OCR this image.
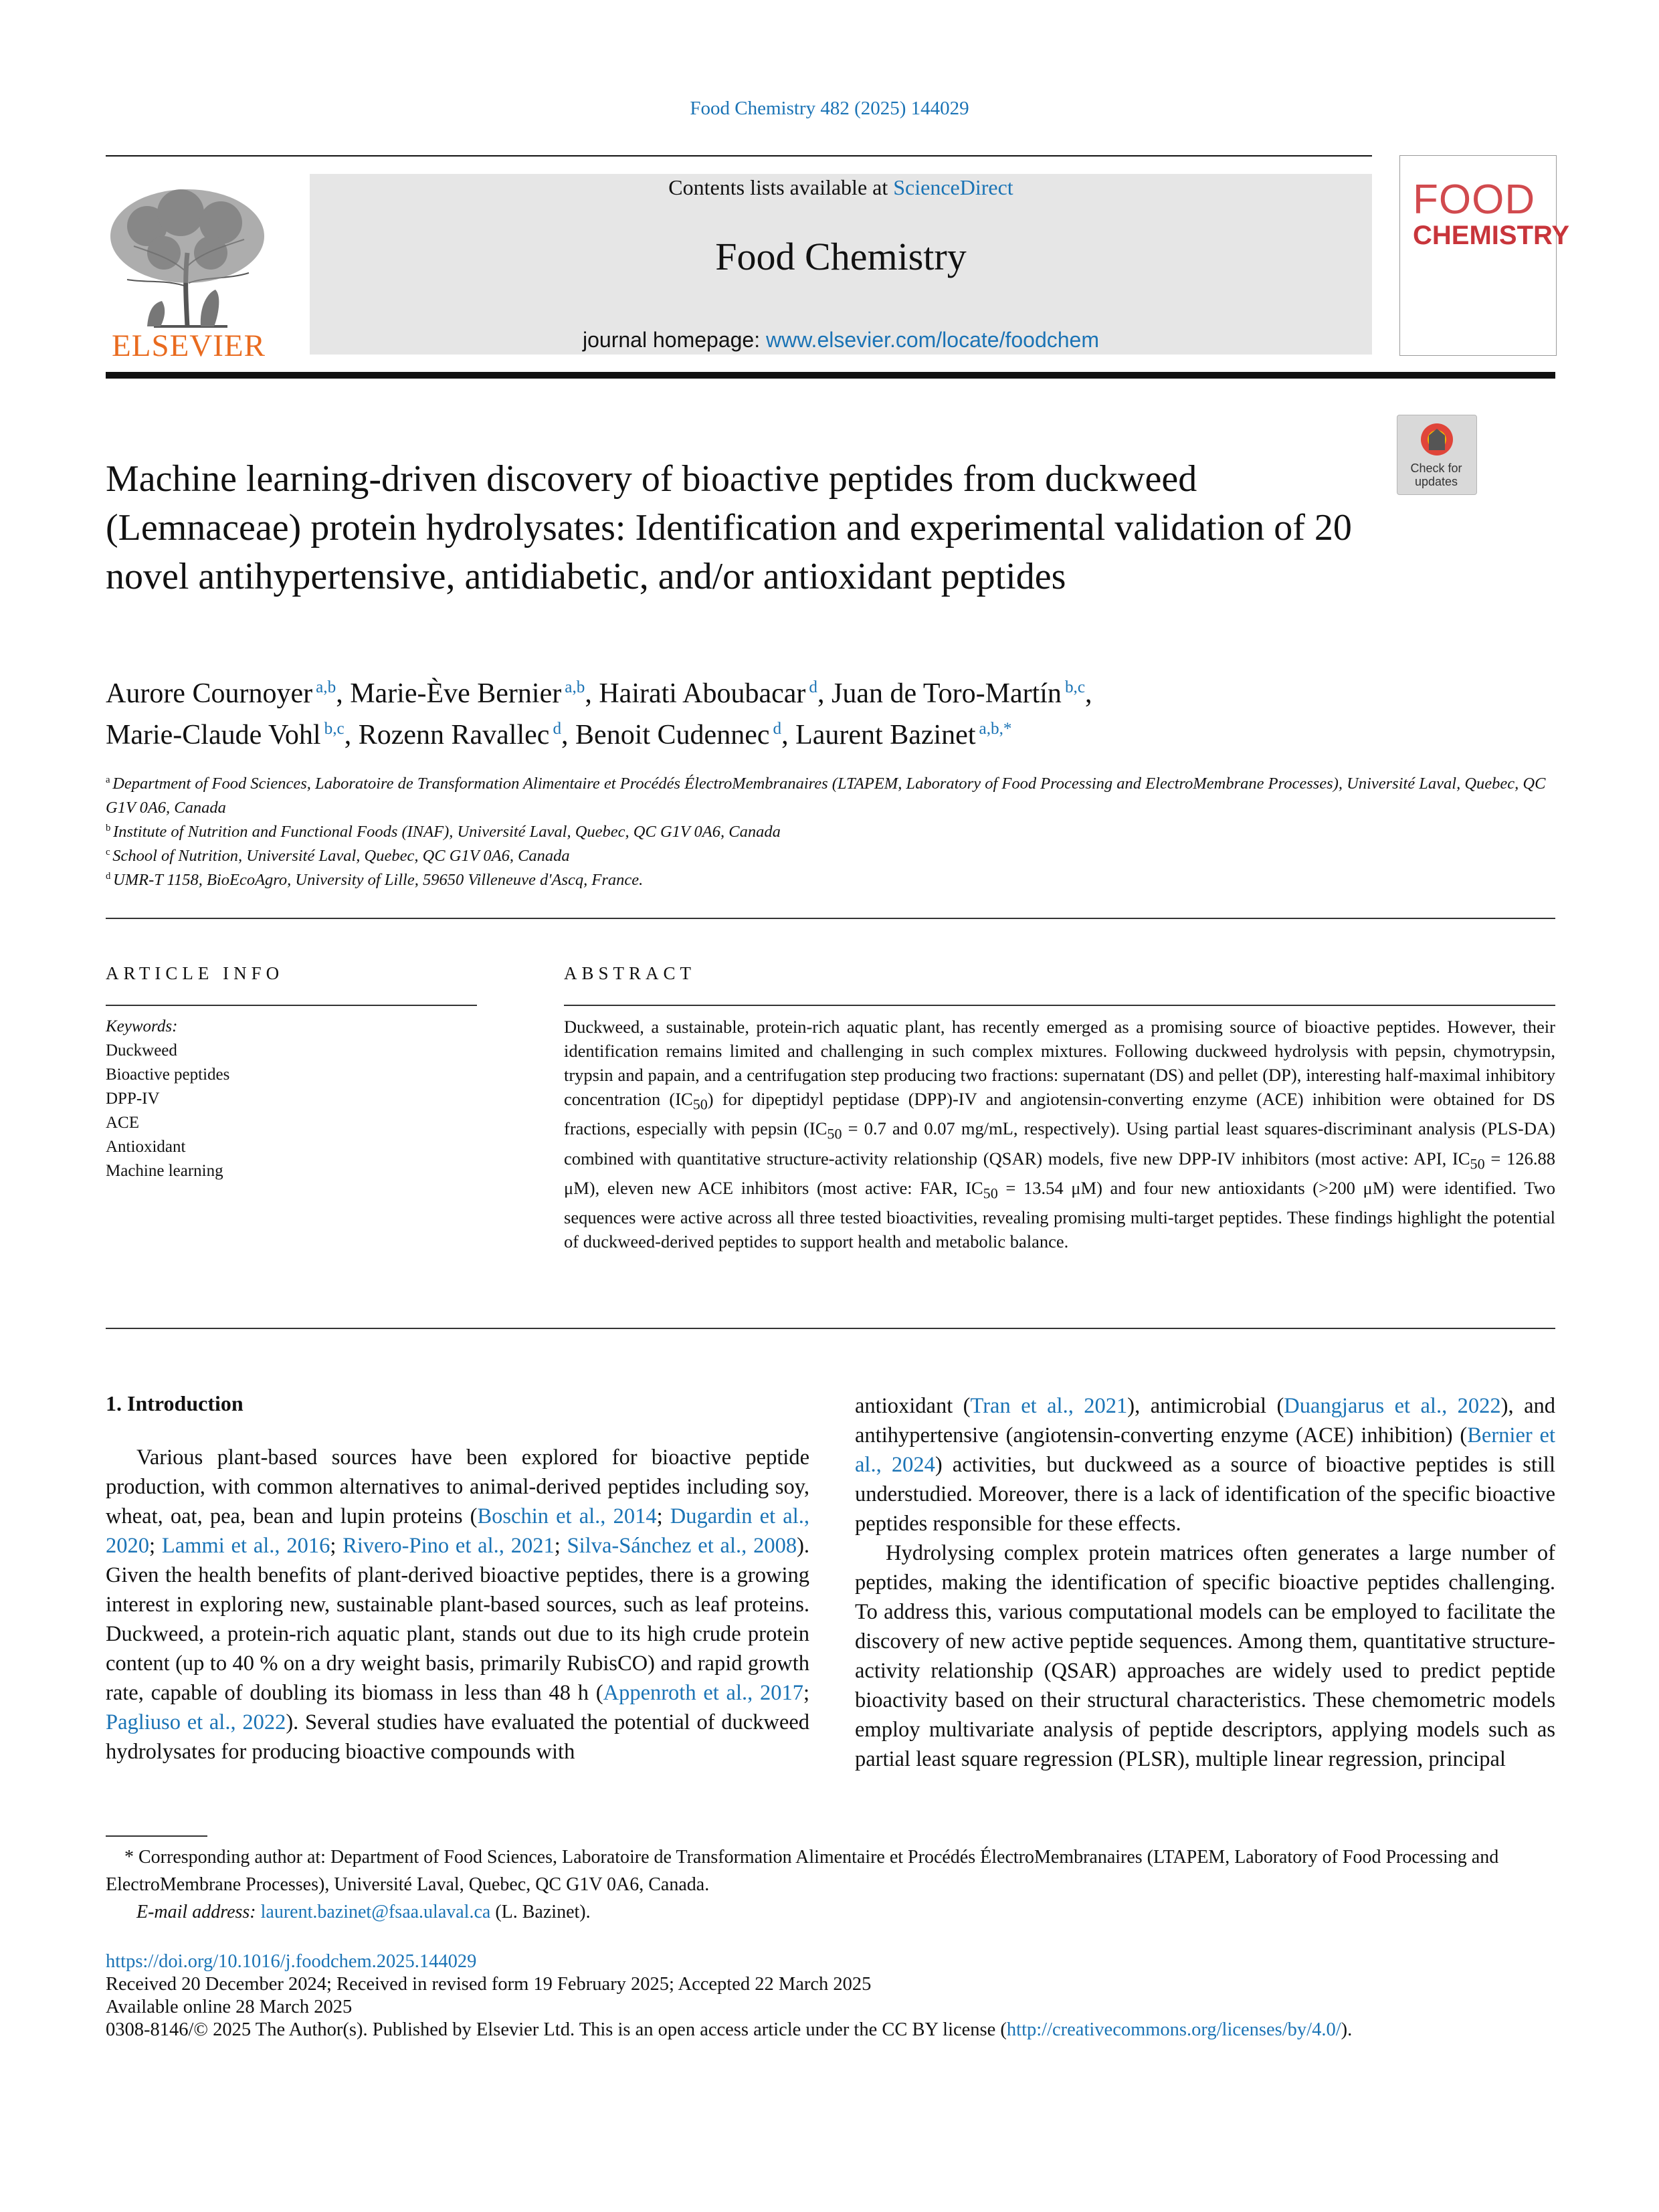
Food Chemistry 482 (2025) 144029
ELSEVIER
Contents lists available at ScienceDirect
Food Chemistry
journal homepage: www.elsevier.com/locate/foodchem
FOOD
CHEMISTRY
Check for updates
Machine learning-driven discovery of bioactive peptides from duckweed (Lemnaceae) protein hydrolysates: Identification and experimental validation of 20 novel antihypertensive, antidiabetic, and/or antioxidant peptides
Aurore Cournoyer $^{a,b}$, Marie-Ève Bernier $^{a,b}$, Hairati Aboubacar $^d$, Juan de Toro-Martín $^{b,c}$,
Marie-Claude Vohl $^{b,c}$, Rozenn Ravallec $^d$, Benoit Cudennec $^d$, Laurent Bazinet $^{a,b,*}$
$^a$ Department of Food Sciences, Laboratoire de Transformation Alimentaire et Procédés ÉlectroMembranaires (LTAPEM, Laboratory of Food Processing and ElectroMembrane Processes), Université Laval, Quebec, QC G1V 0A6, Canada
$^b$ Institute of Nutrition and Functional Foods (INAF), Université Laval, Quebec, QC G1V 0A6, Canada
$^c$ School of Nutrition, Université Laval, Quebec, QC G1V 0A6, Canada
$^d$ UMR-T 1158, BioEcoAgro, University of Lille, 59650 Villeneuve d'Ascq, France.
ARTICLE INFO	ABSTRACT
Keywords:
Duckweed
Bioactive peptides
DPP-IV
ACE
Antioxidant
Machine learning
Duckweed, a sustainable, protein-rich aquatic plant, has recently emerged as a promising source of bioactive peptides. However, their identification remains limited and challenging in such complex mixtures. Following duckweed hydrolysis with pepsin, chymotrypsin, trypsin and papain, and a centrifugation step producing two fractions: supernatant (DS) and pellet (DP), interesting half-maximal inhibitory concentration $(IC_{50})$ for dipeptidyl peptidase (DPP)-IV and angiotensin-converting enzyme (ACE) inhibition were obtained for DS fractions, especially with pepsin ($IC_{50} = 0.7$ and 0.07 mg/mL, respectively). Using partial least squares-discriminant analysis (PLS-DA) combined with quantitative structure-activity relationship (QSAR) models, five new DPP-IV inhibitors (most active: API, $IC_{50} = 126.88$ μM), eleven new ACE inhibitors (most active: FAR, $IC_{50} = 13.54$ μM) and four new antioxidants (>200 μM) were identified. Two sequences were active across all three tested bioactivities, revealing promising multi-target peptides. These findings highlight the potential of duckweed-derived peptides to support health and metabolic balance.
1. Introduction

Various plant-based sources have been explored for bioactive peptide production, with common alternatives to animal-derived peptides including soy, wheat, oat, pea, bean and lupin proteins (Boschin et al., 2014; Dugardin et al., 2020; Lammi et al., 2016; Rivero-Pino et al., 2021; Silva-Sánchez et al., 2008). Given the health benefits of plant-derived bioactive peptides, there is a growing interest in exploring new, sustainable plant-based sources, such as leaf proteins. Duckweed, a protein-rich aquatic plant, stands out due to its high crude protein content (up to 40 % on a dry weight basis, primarily RubisCO) and rapid growth rate, capable of doubling its biomass in less than 48 h (Appenroth et al., 2017; Pagliuso et al., 2022). Several studies have evaluated the potential of duckweed hydrolysates for producing bioactive compounds with

antioxidant (Tran et al., 2021), antimicrobial (Duangjarus et al., 2022), and antihypertensive (angiotensin-converting enzyme (ACE) inhibition) (Bernier et al., 2024) activities, but duckweed as a source of bioactive peptides is still understudied. Moreover, there is a lack of identification of the specific bioactive peptides responsible for these effects.

Hydrolysing complex protein matrices often generates a large number of peptides, making the identification of specific bioactive peptides challenging. To address this, various computational models can be employed to facilitate the discovery of new active peptide sequences. Among them, quantitative structure-activity relationship (QSAR) approaches are widely used to predict peptide bioactivity based on their structural characteristics. These chemometric models employ multivariate analysis of peptide descriptors, applying models such as partial least square regression (PLSR), multiple linear regression, principal

* Corresponding author at: Department of Food Sciences, Laboratoire de Transformation Alimentaire et Procédés ÉlectroMembranaires (LTAPEM, Laboratory of Food Processing and ElectroMembrane Processes), Université Laval, Quebec, QC G1V 0A6, Canada.
E-mail address: laurent.bazinet@fsaa.ulaval.ca (L. Bazinet).
https://doi.org/10.1016/j.foodchem.2025.144029
Received 20 December 2024; Received in revised form 19 February 2025; Accepted 22 March 2025
Available online 28 March 2025
0308-8146/© 2025 The Author(s). Published by Elsevier Ltd. This is an open access article under the CC BY license (http://creativecommons.org/licenses/by/4.0/).
